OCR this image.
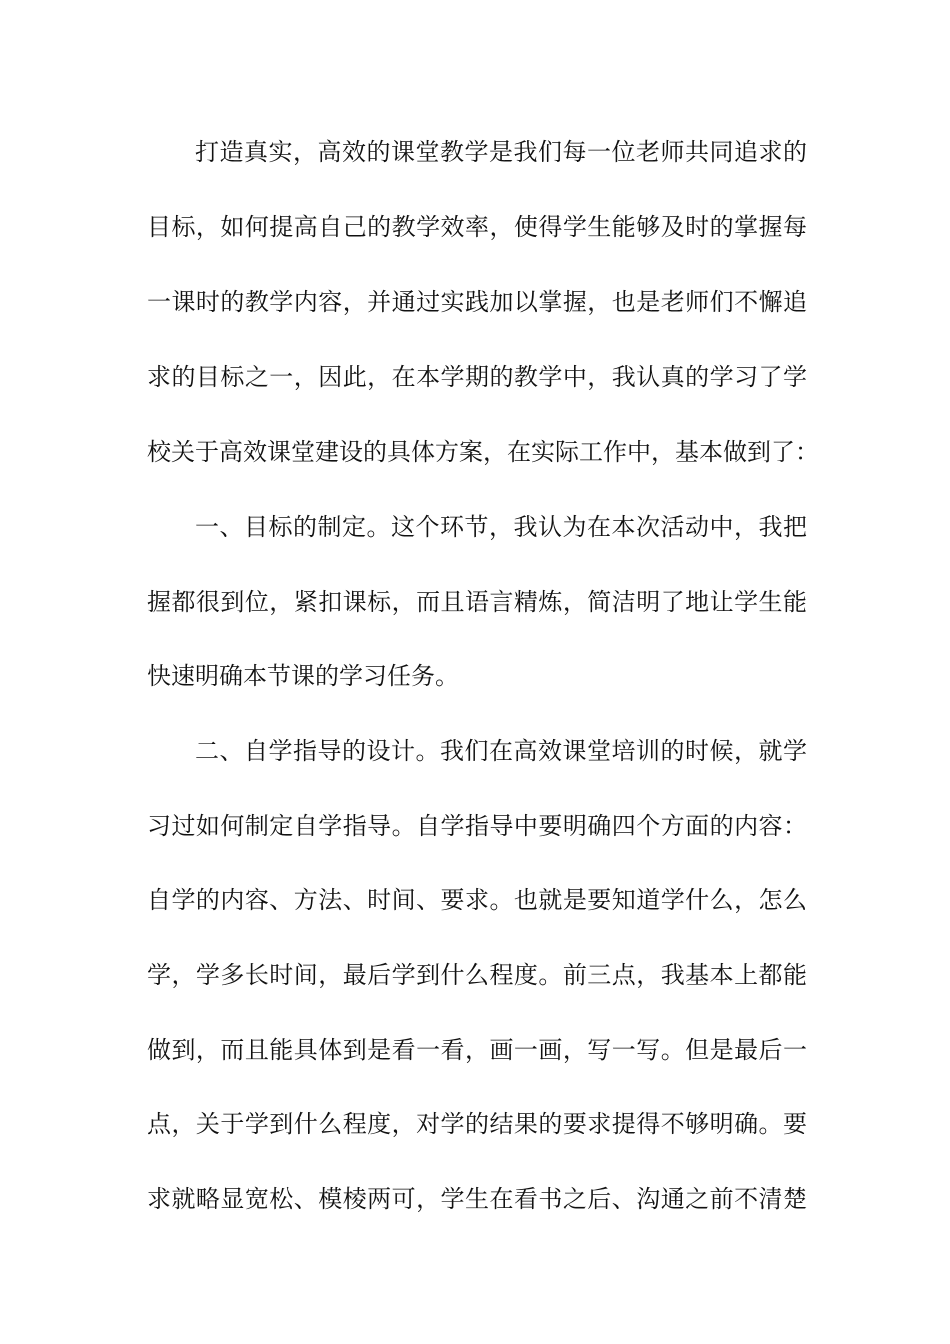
打造真实，高效的课堂教学是我们每一位老师共同追求的
目标，如何提高自己的教学效率，使得学生能够及时的掌握每
一课时的教学内容，并通过实践加以掌握，也是老师们不懈追
求的目标之一，因此，在本学期的教学中，我认真的学习了学
校关于高效课堂建设的具体方案，在实际工作中，基本做到了：
一、目标的制定。这个环节，我认为在本次活动中，我把
握都很到位，紧扣课标，而且语言精炼，简洁明了地让学生能
快速明确本节课的学习任务。
二、自学指导的设计。我们在高效课堂培训的时候，就学
习过如何制定自学指导。自学指导中要明确四个方面的内容：
自学的内容、方法、时间、要求。也就是要知道学什么，怎么
学，学多长时间，最后学到什么程度。前三点，我基本上都能
做到，而且能具体到是看一看，画一画，写一写。但是最后一
点，关于学到什么程度，对学的结果的要求提得不够明确。要
求就略显宽松、模棱两可，学生在看书之后、沟通之前不清楚
